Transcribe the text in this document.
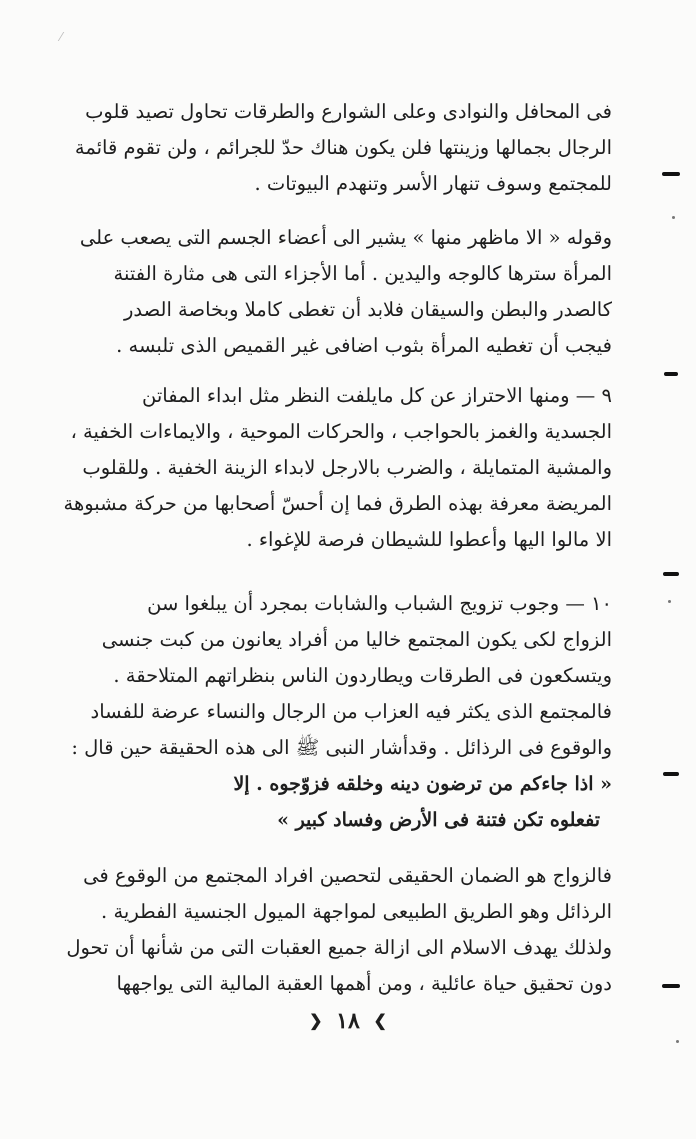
⁄
فى المحافل والنوادى وعلى الشوارع والطرقات تحاول تصيد قلوب
الرجال بجمالها وزينتها فلن يكون هناك حدّ للجرائم ، ولن تقوم قائمة
للمجتمع وسوف تنهار الأسر وتنهدم البيوتات .
وقوله « الا ماظهر منها » يشير الى أعضاء الجسم التى يصعب على
المرأة سترها كالوجه واليدين . أما الأجزاء التى هى مثارة الفتنة
كالصدر والبطن والسيقان فلابد أن تغطى كاملا وبخاصة الصدر
فيجب أن تغطيه المرأة بثوب اضافى غير القميص الذى تلبسه .
٩ — ومنها الاحتراز عن كل مايلفت النظر مثل ابداء المفاتن
الجسدية والغمز بالحواجب ، والحركات الموحية ، والايماءات الخفية ،
والمشية المتمايلة ، والضرب بالارجل لابداء الزينة الخفية . وللقلوب
المريضة معرفة بهذه الطرق فما إن أحسّ أصحابها من حركة مشبوهة
الا مالوا اليها وأعطوا للشيطان فرصة للإغواء .
١٠ — وجوب تزويج الشباب والشابات بمجرد أن يبلغوا سن
الزواج لكى يكون المجتمع خاليا من أفراد يعانون من كبت جنسى
ويتسكعون فى الطرقات ويطاردون الناس بنظراتهم المتلاحقة .
فالمجتمع الذى يكثر فيه العزاب من الرجال والنساء عرضة للفساد
والوقوع فى الرذائل . وقدأشار النبى ﷺ الى هذه الحقيقة حين قال :
« اذا جاءكم من ترضون دينه وخلقه فزوّجوه . إلا
تفعلوه تكن فتنة فى الأرض وفساد كبير »
فالزواج هو الضمان الحقيقى لتحصين افراد المجتمع من الوقوع فى
الرذائل وهو الطريق الطبيعى لمواجهة الميول الجنسية الفطرية .
ولذلك يهدف الاسلام الى ازالة جميع العقبات التى من شأنها أن تحول
دون تحقيق حياة عائلية ، ومن أهمها العقبة المالية التى يواجهها
❯ ١٨ ❮
